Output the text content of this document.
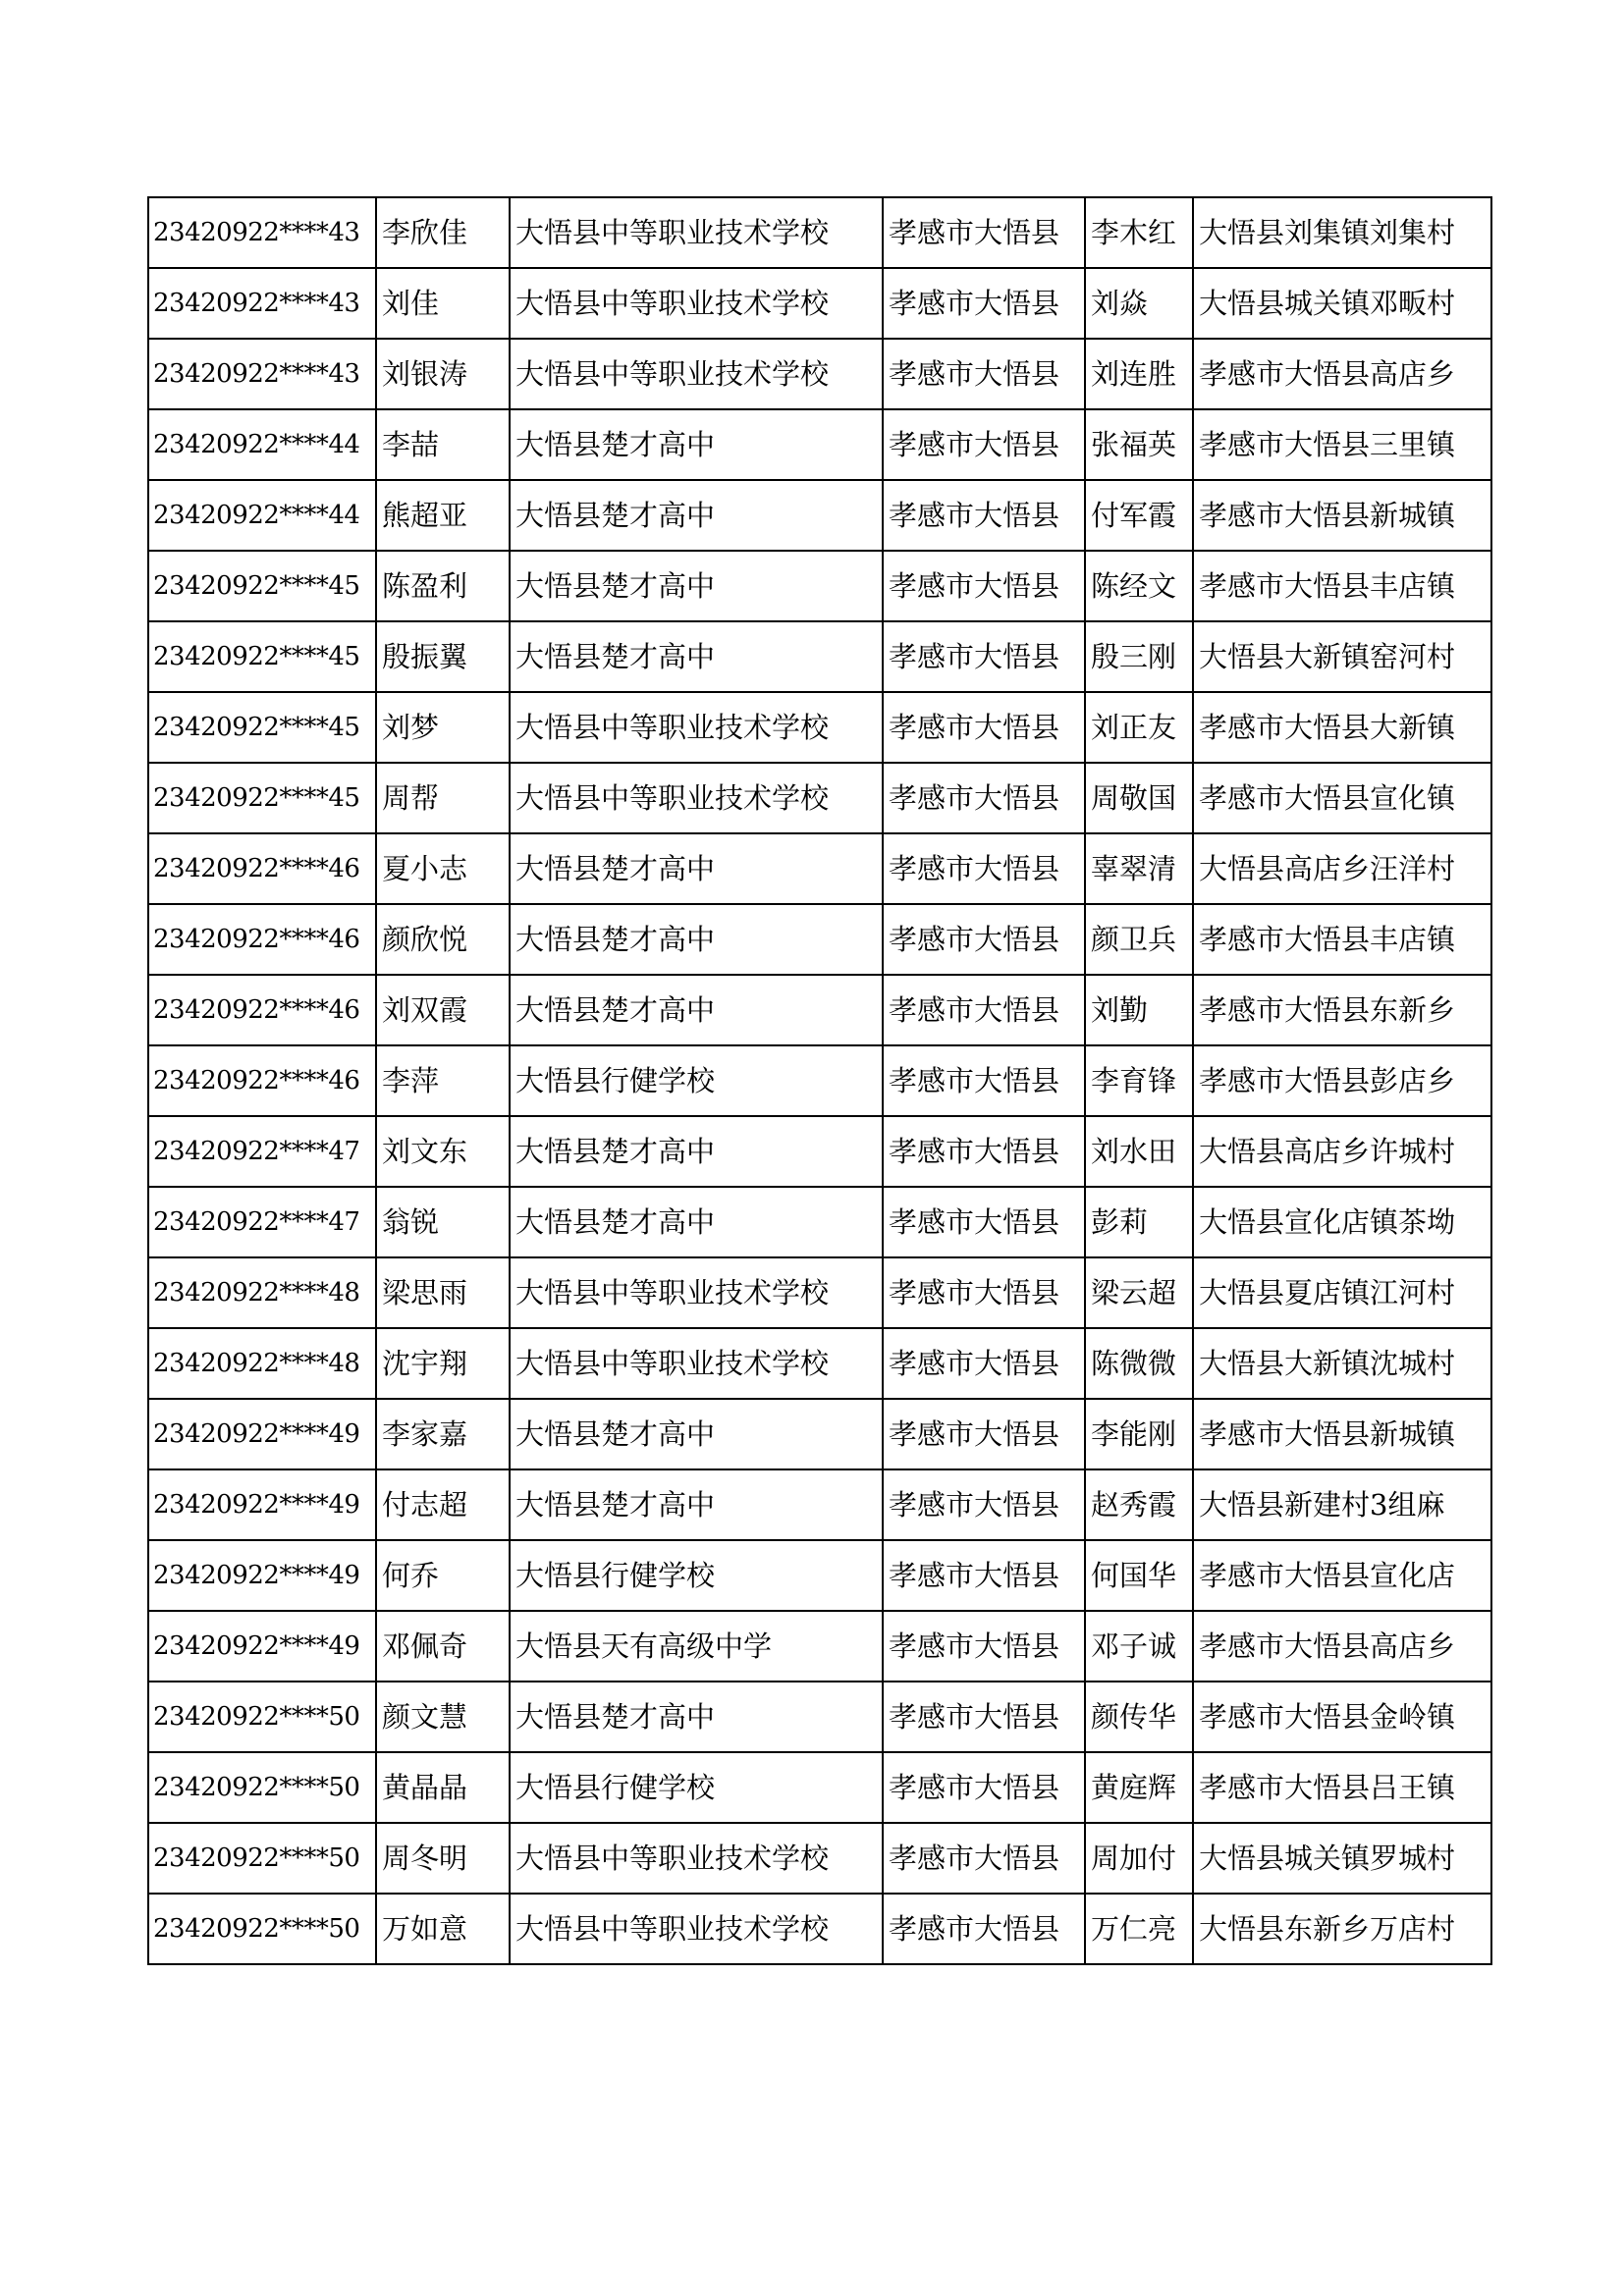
23420922****43	李欣佳	大悟县中等职业技术学校	孝感市大悟县	李木红	大悟县刘集镇刘集村
23420922****43	刘佳	大悟县中等职业技术学校	孝感市大悟县	刘焱	大悟县城关镇邓畈村
23420922****43	刘银涛	大悟县中等职业技术学校	孝感市大悟县	刘连胜	孝感市大悟县高店乡
23420922****44	李喆	大悟县楚才高中	孝感市大悟县	张福英	孝感市大悟县三里镇
23420922****44	熊超亚	大悟县楚才高中	孝感市大悟县	付军霞	孝感市大悟县新城镇
23420922****45	陈盈利	大悟县楚才高中	孝感市大悟县	陈经文	孝感市大悟县丰店镇
23420922****45	殷振翼	大悟县楚才高中	孝感市大悟县	殷三刚	大悟县大新镇窑河村
23420922****45	刘梦	大悟县中等职业技术学校	孝感市大悟县	刘正友	孝感市大悟县大新镇
23420922****45	周帮	大悟县中等职业技术学校	孝感市大悟县	周敬国	孝感市大悟县宣化镇
23420922****46	夏小志	大悟县楚才高中	孝感市大悟县	辜翠清	大悟县高店乡汪洋村
23420922****46	颜欣悦	大悟县楚才高中	孝感市大悟县	颜卫兵	孝感市大悟县丰店镇
23420922****46	刘双霞	大悟县楚才高中	孝感市大悟县	刘勤	孝感市大悟县东新乡
23420922****46	李萍	大悟县行健学校	孝感市大悟县	李育锋	孝感市大悟县彭店乡
23420922****47	刘文东	大悟县楚才高中	孝感市大悟县	刘水田	大悟县高店乡许城村
23420922****47	翁锐	大悟县楚才高中	孝感市大悟县	彭莉	大悟县宣化店镇茶坳
23420922****48	梁思雨	大悟县中等职业技术学校	孝感市大悟县	梁云超	大悟县夏店镇江河村
23420922****48	沈宇翔	大悟县中等职业技术学校	孝感市大悟县	陈微微	大悟县大新镇沈城村
23420922****49	李家嘉	大悟县楚才高中	孝感市大悟县	李能刚	孝感市大悟县新城镇
23420922****49	付志超	大悟县楚才高中	孝感市大悟县	赵秀霞	大悟县新建村3组麻
23420922****49	何乔	大悟县行健学校	孝感市大悟县	何国华	孝感市大悟县宣化店
23420922****49	邓佩奇	大悟县天有高级中学	孝感市大悟县	邓子诚	孝感市大悟县高店乡
23420922****50	颜文慧	大悟县楚才高中	孝感市大悟县	颜传华	孝感市大悟县金岭镇
23420922****50	黄晶晶	大悟县行健学校	孝感市大悟县	黄庭辉	孝感市大悟县吕王镇
23420922****50	周冬明	大悟县中等职业技术学校	孝感市大悟县	周加付	大悟县城关镇罗城村
23420922****50	万如意	大悟县中等职业技术学校	孝感市大悟县	万仁亮	大悟县东新乡万店村
